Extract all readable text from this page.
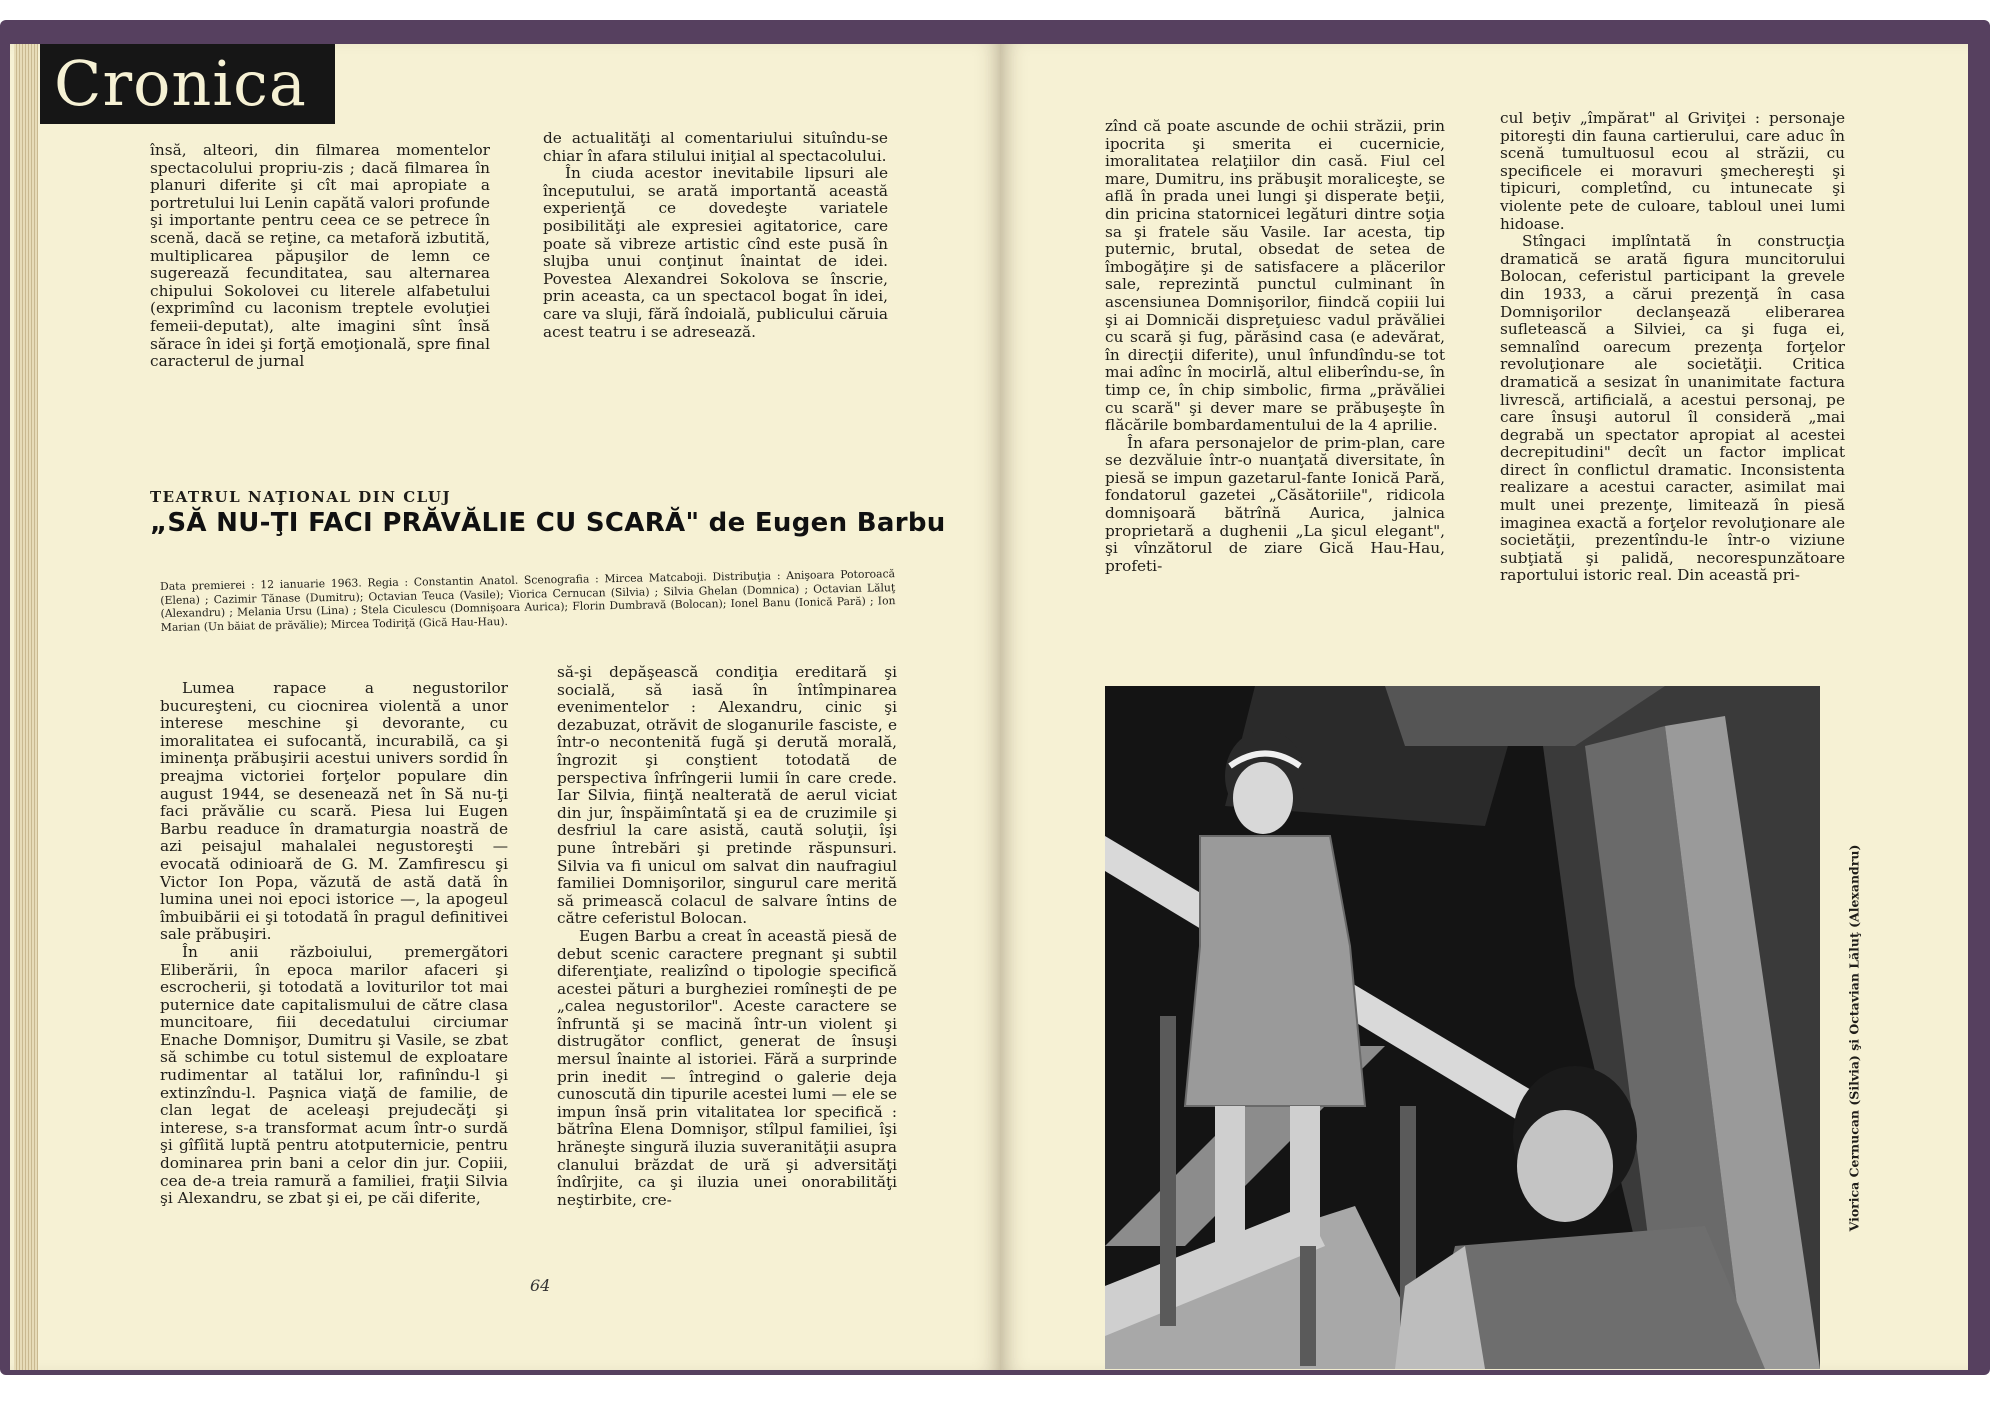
Cronica

însă, alteori, din filmarea momentelor spectacolului propriu-zis ; dacă filmarea în planuri diferite şi cît mai apropiate a portretului lui Lenin capătă valori profunde şi importante pentru ceea ce se petrece în scenă, dacă se reţine, ca metaforă izbutită, multiplicarea păpuşilor de lemn ce sugerează fecunditatea, sau alternarea chipului Sokolovei cu literele alfabetului (exprimînd cu laconism treptele evoluţiei femeii-deputat), alte imagini sînt însă sărace în idei şi forţă emoţională, spre final caracterul de jurnal

de actualităţi al comentariului situîndu-se chiar în afara stilului iniţial al spectacolului.

În ciuda acestor inevitabile lipsuri ale începutului, se arată importantă această experienţă ce dovedeşte variatele posibilităţi ale expresiei agitatorice, care poate să vibreze artistic cînd este pusă în slujba unui conţinut înaintat de idei. Povestea Alexandrei Sokolova se înscrie, prin aceasta, ca un spectacol bogat în idei, care va sluji, fără îndoială, publicului căruia acest teatru i se adresează.

TEATRUL NAŢIONAL DIN CLUJ
„SĂ NU-ŢI FACI PRĂVĂLIE CU SCARĂ" de Eugen Barbu
Data premierei : 12 ianuarie 1963. Regia : Constantin Anatol. Scenografia : Mircea Matcaboji. Distribuţia : Anişoara Potoroacă (Elena) ; Cazimir Tănase (Dumitru); Octavian Teuca (Vasile); Viorica Cernucan (Silvia) ; Silvia Ghelan (Domnica) ; Octavian Lăluţ (Alexandru) ; Melania Ursu (Lina) ; Stela Ciculescu (Domnişoara Aurica); Florin Dumbravă (Bolocan); Ionel Banu (Ionică Pară) ; Ion Marian (Un băiat de prăvălie); Mircea Todiriţă (Gică Hau-Hau).

Lumea rapace a negustorilor bucureşteni, cu ciocnirea violentă a unor interese meschine şi devorante, cu imoralitatea ei sufocantă, incurabilă, ca şi iminenţa prăbuşirii acestui univers sordid în preajma victoriei forţelor populare din august 1944, se desenează net în Să nu-ţi faci prăvălie cu scară. Piesa lui Eugen Barbu readuce în dramaturgia noastră de azi peisajul mahalalei negustoreşti — evocată odinioară de G. M. Zamfirescu şi Victor Ion Popa, văzută de astă dată în lumina unei noi epoci istorice —, la apogeul îmbuibării ei şi totodată în pragul definitivei sale prăbuşiri.

În anii războiului, premergători Eliberării, în epoca marilor afaceri şi escrocherii, şi totodată a loviturilor tot mai puternice date capitalismului de către clasa muncitoare, fiii decedatului circiumar Enache Domnişor, Dumitru şi Vasile, se zbat să schimbe cu totul sistemul de exploatare rudimentar al tatălui lor, rafinîndu-l şi extinzîndu-l. Paşnica viaţă de familie, de clan legat de aceleaşi prejudecăţi şi interese, s-a transformat acum într-o surdă şi gîfîită luptă pentru atotputernicie, pentru dominarea prin bani a celor din jur. Copiii, cea de-a treia ramură a familiei, fraţii Silvia şi Alexandru, se zbat şi ei, pe căi diferite,

să-şi depăşească condiţia ereditară şi socială, să iasă în întîmpinarea evenimentelor : Alexandru, cinic şi dezabuzat, otrăvit de sloganurile fasciste, e într-o necontenită fugă şi derută morală, îngrozit şi conştient totodată de perspectiva înfrîngerii lumii în care crede. Iar Silvia, fiinţă nealterată de aerul viciat din jur, înspăimîntată şi ea de cruzimile şi desfriul la care asistă, caută soluţii, îşi pune întrebări şi pretinde răspunsuri. Silvia va fi unicul om salvat din naufragiul familiei Domnişorilor, singurul care merită să primească colacul de salvare întins de către ceferistul Bolocan.

Eugen Barbu a creat în această piesă de debut scenic caractere pregnant şi subtil diferenţiate, realizînd o tipologie specifică acestei pături a burgheziei romîneşti de pe „calea negustorilor". Aceste caractere se înfruntă şi se macină într-un violent şi distrugător conflict, generat de însuşi mersul înainte al istoriei. Fără a surprinde prin inedit — întregind o galerie deja cunoscută din tipurile acestei lumi — ele se impun însă prin vitalitatea lor specifică : bătrîna Elena Domnişor, stîlpul familiei, îşi hrăneşte singură iluzia suveranităţii asupra clanului brăzdat de ură şi adversităţi îndîrjite, ca şi iluzia unei onorabilităţi neştirbite, cre-

64

zînd că poate ascunde de ochii străzii, prin ipocrita şi smerita ei cucernicie, imoralitatea relaţiilor din casă. Fiul cel mare, Dumitru, ins prăbuşit moraliceşte, se află în prada unei lungi şi disperate beţii, din pricina statornicei legături dintre soţia sa şi fratele său Vasile. Iar acesta, tip puternic, brutal, obsedat de setea de îmbogăţire şi de satisfacere a plăcerilor sale, reprezintă punctul culminant în ascensiunea Domnişorilor, fiindcă copiii lui şi ai Domnicăi dispreţuiesc vadul prăvăliei cu scară şi fug, părăsind casa (e adevărat, în direcţii diferite), unul înfundîndu-se tot mai adînc în mocirlă, altul eliberîndu-se, în timp ce, în chip simbolic, firma „prăvăliei cu scară" şi dever mare se prăbuşeşte în flăcările bombardamentului de la 4 aprilie.

În afara personajelor de prim-plan, care se dezvăluie într-o nuanţată diversitate, în piesă se impun gazetarul-fante Ionică Pară, fondatorul gazetei „Căsătoriile", ridicola domnişoară bătrînă Aurica, jalnica proprietară a dughenii „La şicul elegant", şi vînzătorul de ziare Gică Hau-Hau, profeti-

cul beţiv „împărat" al Griviţei : personaje pitoreşti din fauna cartierului, care aduc în scenă tumultuosul ecou al străzii, cu specificele ei moravuri şmechereşti şi tipicuri, completînd, cu intunecate şi violente pete de culoare, tabloul unei lumi hidoase.

Stîngaci implîntată în construcţia dramatică se arată figura muncitorului Bolocan, ceferistul participant la grevele din 1933, a cărui prezenţă în casa Domnişorilor declanşează eliberarea sufletească a Silviei, ca şi fuga ei, semnalînd oarecum prezenţa forţelor revoluţionare ale societăţii. Critica dramatică a sesizat în unanimitate factura livrescă, artificială, a acestui personaj, pe care însuşi autorul îl consideră „mai degrabă un spectator apropiat al acestei decrepitudini" decît un factor implicat direct în conflictul dramatic. Inconsistenta realizare a acestui caracter, asimilat mai mult unei prezenţe, limitează în piesă imaginea exactă a forţelor revoluţionare ale societăţii, prezentîndu-le într-o viziune subţiată şi palidă, necorespunzătoare raportului istoric real. Din această pri-

Viorica Cernucan (Silvia) şi Octavian Lăluţ (Alexandru)
